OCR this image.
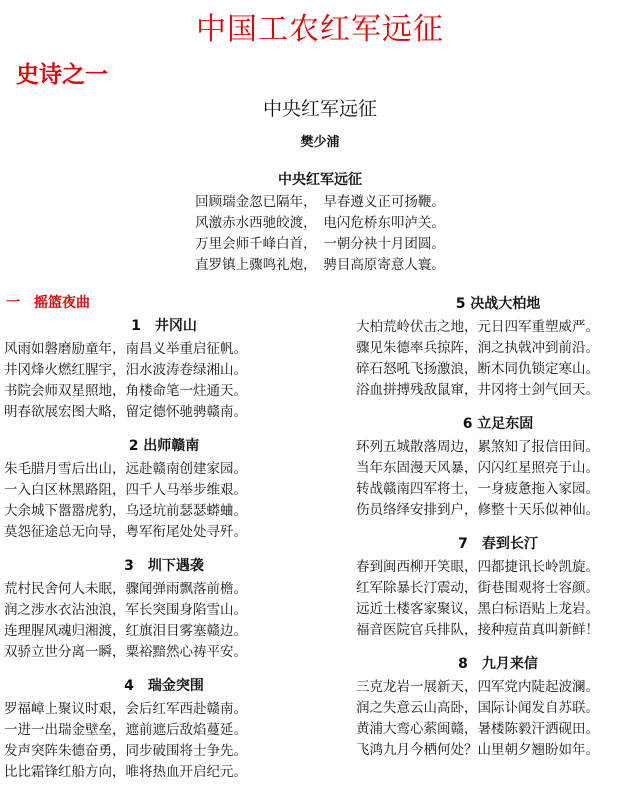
中国工农红军远征
史诗之一
中央红军远征
樊少浦
中央红军远征
回顾瑞金忽已隔年，　早春遵义正可扬鞭。
风激赤水西驰皎渡，　电闪危桥东叩泸关。
万里会师千峰白首，　一朝分袂十月团圆。
直罗镇上骤鸣礼炮，　骋目高原寄意人寰。
一　摇篮夜曲
1　井冈山
风雨如磐磨励童年，南昌义举重启征帆。
井冈烽火燃红腥宇，汨水波涛卷绿湘山。
书院会师双星照地，角楼命笔一炷通天。
明春欲展宏图大略，留定德怀驰骋赣南。
2 出师赣南
朱毛腊月雪后出山，远赴赣南创建家园。
一入白区林黑路阻，四千人马举步维艰。
大余城下嚣嚣虎豹，乌迳坑前瑟瑟蟒蛐。
莫怨征途总无向导，粤军衔尾处处寻歼。
3　圳下遇袭
荒村民舍何人未眠，骤闻弹雨飘落前檐。
润之涉水衣沾浊浪，军长突围身陷雪山。
连理腥风魂归湘渡，红旗泪目雾塞赣边。
双骄立世分离一瞬，粟裕黯然心祷平安。
4　瑞金突围
罗福嶂上聚议时艰，会后红军西赴赣南。
一进一出瑞金壁垒，遮前遮后敌焰蔓延。
发声突阵朱德奋勇，同步破围将士争先。
比比霜锋红船方向，唯将热血开启纪元。
5 决战大柏地
大柏荒岭伏击之地，元日四军重塑威严。
骤见朱德率兵掠阵，润之执戟冲到前沿。
碎石怒吼飞扬激浪，断木同仇锁定寒山。
浴血拼搏残敌鼠窜，井冈将士剑气回天。
6 立足东固
环列五城散落周边，累煞知了报信田间。
当年东固漫天风暴，闪闪红星照亮于山。
转战赣南四军将士，一身疲惫拖入家园。
伤员络绎安排到户，修整十天乐似神仙。
7　春到长汀
春到闽西柳开笑眼，四都捷讯长岭凯旋。
红军除暴长汀震动，街巷围观将士容颜。
远近土楼客家聚议，黑白标语贴上龙岩。
福音医院官兵排队，接种痘苗真叫新鲜！
8　九月来信
三克龙岩一展新天，四军党内陡起波澜。
润之失意云山高卧，国际讣闻发自苏联。
黄浦大鸾心萦闽赣，暑楼陈毅汗洒砚田。
飞鸿九月今栖何处？山里朝夕翘盼如年。
